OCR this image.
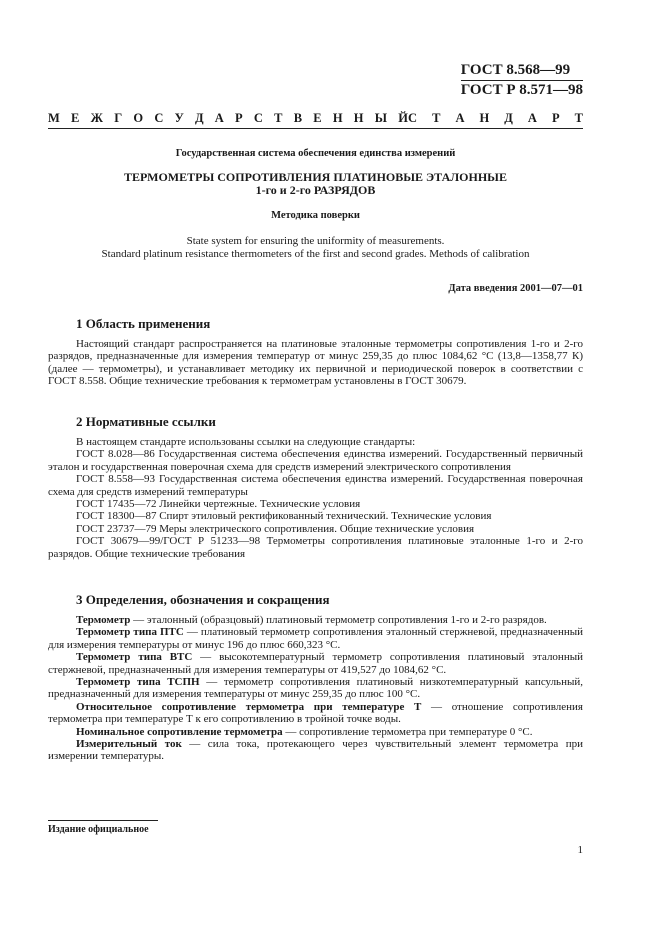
ГОСТ 8.568—99
ГОСТ Р 8.571—98
М Е Ж Г О С У Д А Р С Т В Е Н Н Ы Й С Т А Н Д А Р Т
Государственная система обеспечения единства измерений
ТЕРМОМЕТРЫ СОПРОТИВЛЕНИЯ ПЛАТИНОВЫЕ ЭТАЛОННЫЕ
1-го и 2-го РАЗРЯДОВ
Методика поверки
State system for ensuring the uniformity of measurements.
Standard platinum resistance thermometers of the first and second grades. Methods of calibration
Дата введения 2001—07—01
1 Область применения

Настоящий стандарт распространяется на платиновые эталонные термометры сопротивления 1-го и 2-го разрядов, предназначенные для измерения температур от минус 259,35 до плюс 1084,62 °С (13,8—1358,77 К) (далее — термометры), и устанавливает методику их первичной и периодической поверок в соответствии с ГОСТ 8.558. Общие технические требования к термометрам установлены в ГОСТ 30679.

2 Нормативные ссылки

В настоящем стандарте использованы ссылки на следующие стандарты:

ГОСТ 8.028—86 Государственная система обеспечения единства измерений. Государственный первичный эталон и государственная поверочная схема для средств измерений электрического сопротивления

ГОСТ 8.558—93 Государственная система обеспечения единства измерений. Государственная поверочная схема для средств измерений температуры

ГОСТ 17435—72 Линейки чертежные. Технические условия

ГОСТ 18300—87 Спирт этиловый ректификованный технический. Технические условия

ГОСТ 23737—79 Меры электрического сопротивления. Общие технические условия

ГОСТ 30679—99/ГОСТ Р 51233—98 Термометры сопротивления платиновые эталонные 1-го и 2-го разрядов. Общие технические требования

3 Определения, обозначения и сокращения

Термометр — эталонный (образцовый) платиновый термометр сопротивления 1-го и 2-го разрядов.

Термометр типа ПТС — платиновый термометр сопротивления эталонный стержневой, предназначенный для измерения температуры от минус 196 до плюс 660,323 °С.

Термометр типа ВТС — высокотемпературный термометр сопротивления платиновый эталонный стержневой, предназначенный для измерения температуры от 419,527 до 1084,62 °С.

Термометр типа ТСПН — термометр сопротивления платиновый низкотемпературный капсульный, предназначенный для измерения температуры от минус 259,35 до плюс 100 °С.

Относительное сопротивление термометра при температуре Т — отношение сопротивления термометра при температуре Т к его сопротивлению в тройной точке воды.

Номинальное сопротивление термометра — сопротивление термометра при температуре 0 °С.

Измерительный ток — сила тока, протекающего через чувствительный элемент термометра при измерении температуры.

Издание официальное
1
